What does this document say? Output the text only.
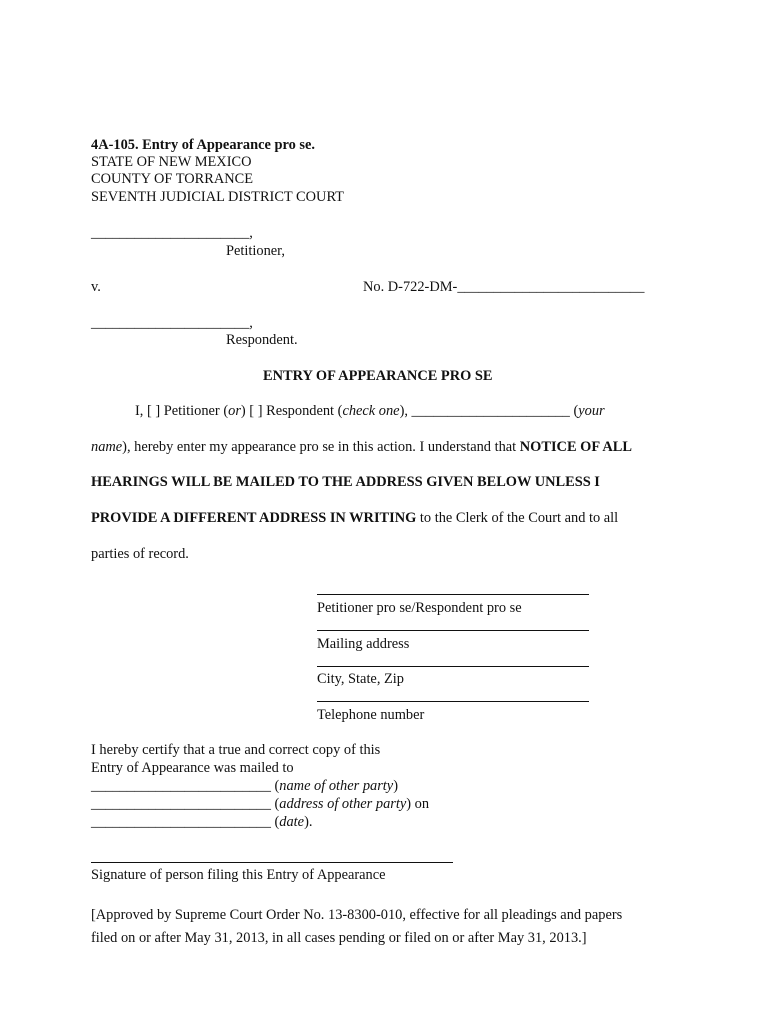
4A-105. Entry of Appearance pro se.
STATE OF NEW MEXICO
COUNTY OF TORRANCE
SEVENTH JUDICIAL DISTRICT COURT
______________________,
Petitioner,
v.	No. D-722-DM-__________________________
______________________,
Respondent.
ENTRY OF APPEARANCE PRO SE
I, [ ] Petitioner (or) [ ] Respondent (check one), ______________________ (your
name), hereby enter my appearance pro se in this action. I understand that NOTICE OF ALL
HEARINGS WILL BE MAILED TO THE ADDRESS GIVEN BELOW UNLESS I
PROVIDE A DIFFERENT ADDRESS IN WRITING to the Clerk of the Court and to all
parties of record.
Petitioner pro se/Respondent pro se
Mailing address
City, State, Zip
Telephone number
I hereby certify that a true and correct copy of this
Entry of Appearance was mailed to
_________________________ (name of other party)
_________________________ (address of other party) on
_________________________ (date).
Signature of person filing this Entry of Appearance
[Approved by Supreme Court Order No. 13-8300-010, effective for all pleadings and papers
filed on or after May 31, 2013, in all cases pending or filed on or after May 31, 2013.]
